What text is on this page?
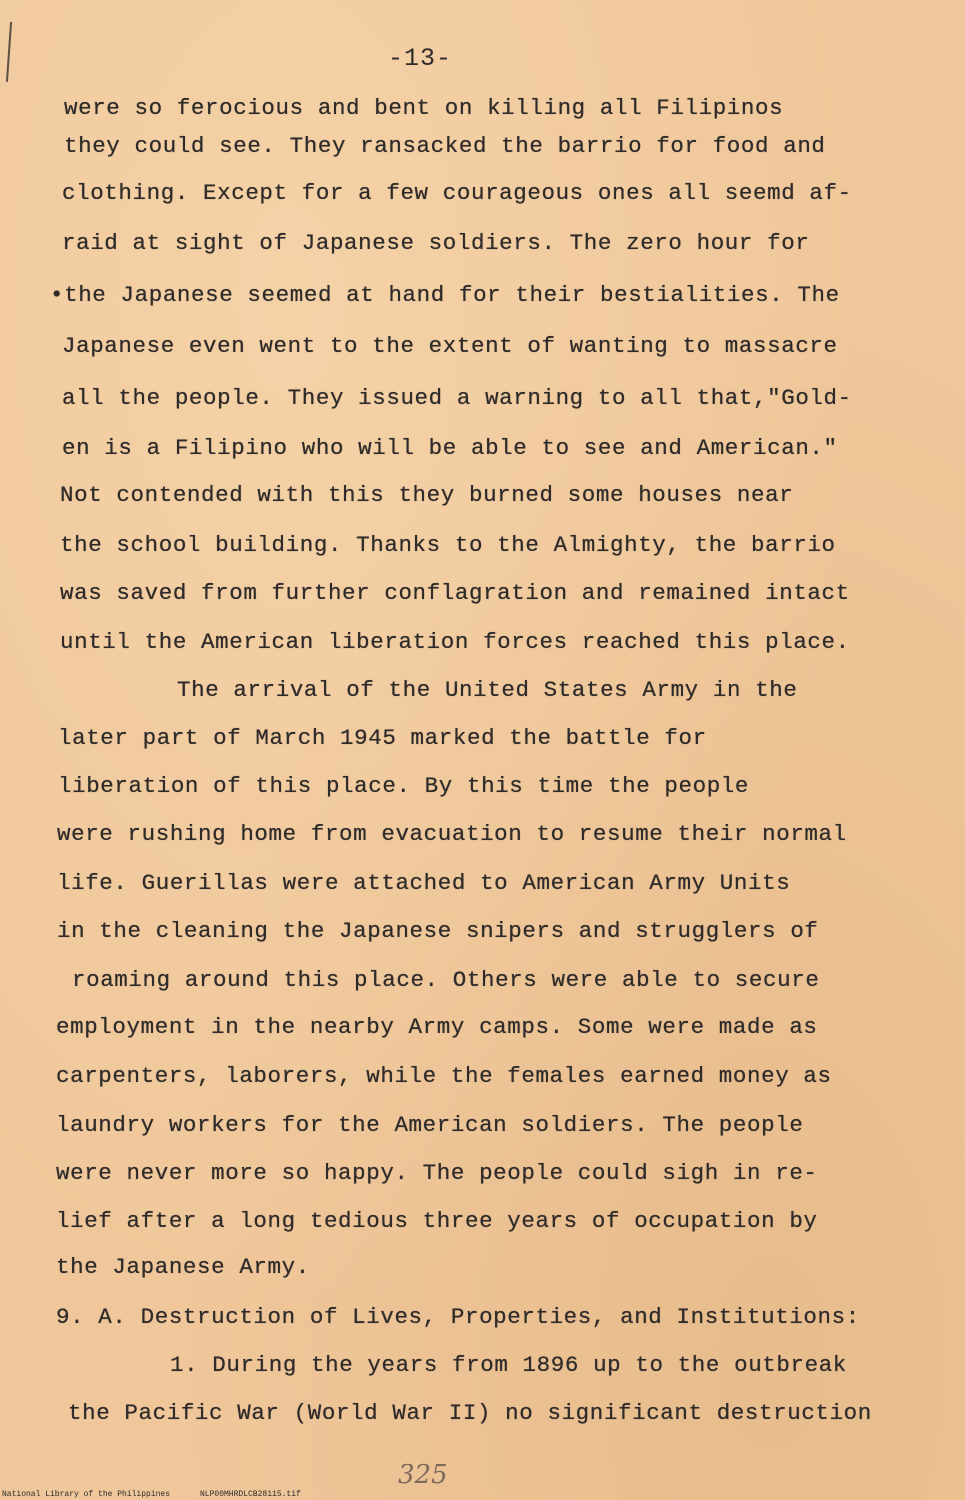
-13-
were so ferocious and bent on killing all Filipinos
they could see. They ransacked the barrio for food and
clothing. Except for a few courageous ones all seemd af-
raid at sight of Japanese soldiers. The zero hour for
•the Japanese seemed at hand for their bestialities. The
Japanese even went to the extent of wanting to massacre
all the people. They issued a warning to all that,"Gold-
en is a Filipino who will be able to see and American."
Not contended with this they burned some houses near
the school building. Thanks to the Almighty, the barrio
was saved from further conflagration and remained intact
until the American liberation forces reached this place.
The arrival of the United States Army in the
later part of March 1945 marked the battle for
liberation of this place. By this time the people
were rushing home from evacuation to resume their normal
life. Guerillas were attached to American Army Units
in the cleaning the Japanese snipers and strugglers of
roaming around this place. Others were able to secure
employment in the nearby Army camps. Some were made as
carpenters, laborers, while the females earned money as
laundry workers for the American soldiers. The people
were never more so happy. The people could sigh in re-
lief after a long tedious three years of occupation by
the Japanese Army.
9. A. Destruction of Lives, Properties, and Institutions:
1. During the years from 1896 up to the outbreak
the Pacific War (World War II) no significant destruction
325
National Library of the Philippines	NLP00MHRDLCB28115.tif
